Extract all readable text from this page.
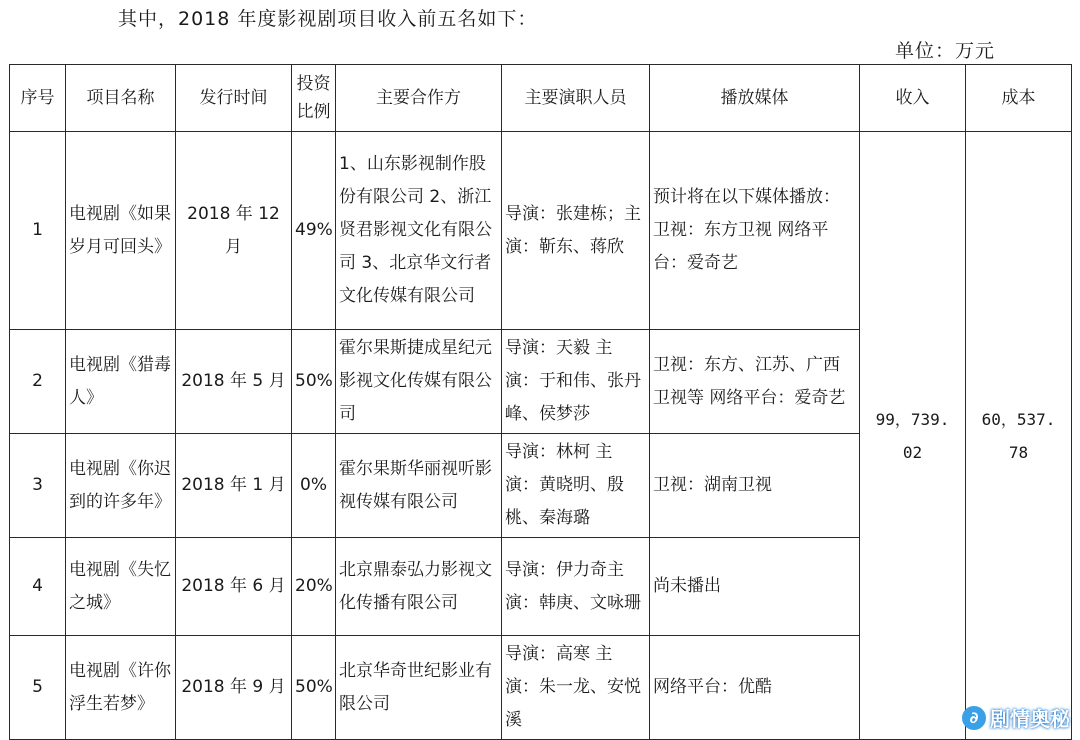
其中，2018 年度影视剧项目收入前五名如下：
单位：万元
序号	项目名称	发行时间	投资比例	主要合作方	主要演职人员	播放媒体	收入	成本
1	电视剧《如果岁月可回头》	2018 年 12 月	49%	1、山东影视制作股份有限公司 2、浙江贤君影视文化有限公司 3、北京华文行者文化传媒有限公司	导演：张建栋；主演：靳东、蒋欣	预计将在以下媒体播放：卫视：东方卫视 网络平台：爱奇艺	99，739. 02	60，537. 78
2	电视剧《猎毒人》	2018 年 5 月	50%	霍尔果斯捷成星纪元影视文化传媒有限公司	导演：天毅 主演：于和伟、张丹峰、侯梦莎	卫视：东方、江苏、广西卫视等 网络平台：爱奇艺		
3	电视剧《你迟到的许多年》	2018 年 1 月	0%	霍尔果斯华丽视听影视传媒有限公司	导演：林柯 主演：黄晓明、殷桃、秦海璐	卫视：湖南卫视		
4	电视剧《失忆之城》	2018 年 6 月	20%	北京鼎泰弘力影视文化传播有限公司	导演：伊力奇主演：韩庚、文咏珊	尚未播出		
5	电视剧《许你浮生若梦》	2018 年 9 月	50%	北京华奇世纪影业有限公司	导演：高寒 主演：朱一龙、安悦溪	网络平台：优酷		
∂ 剧情奥秘
